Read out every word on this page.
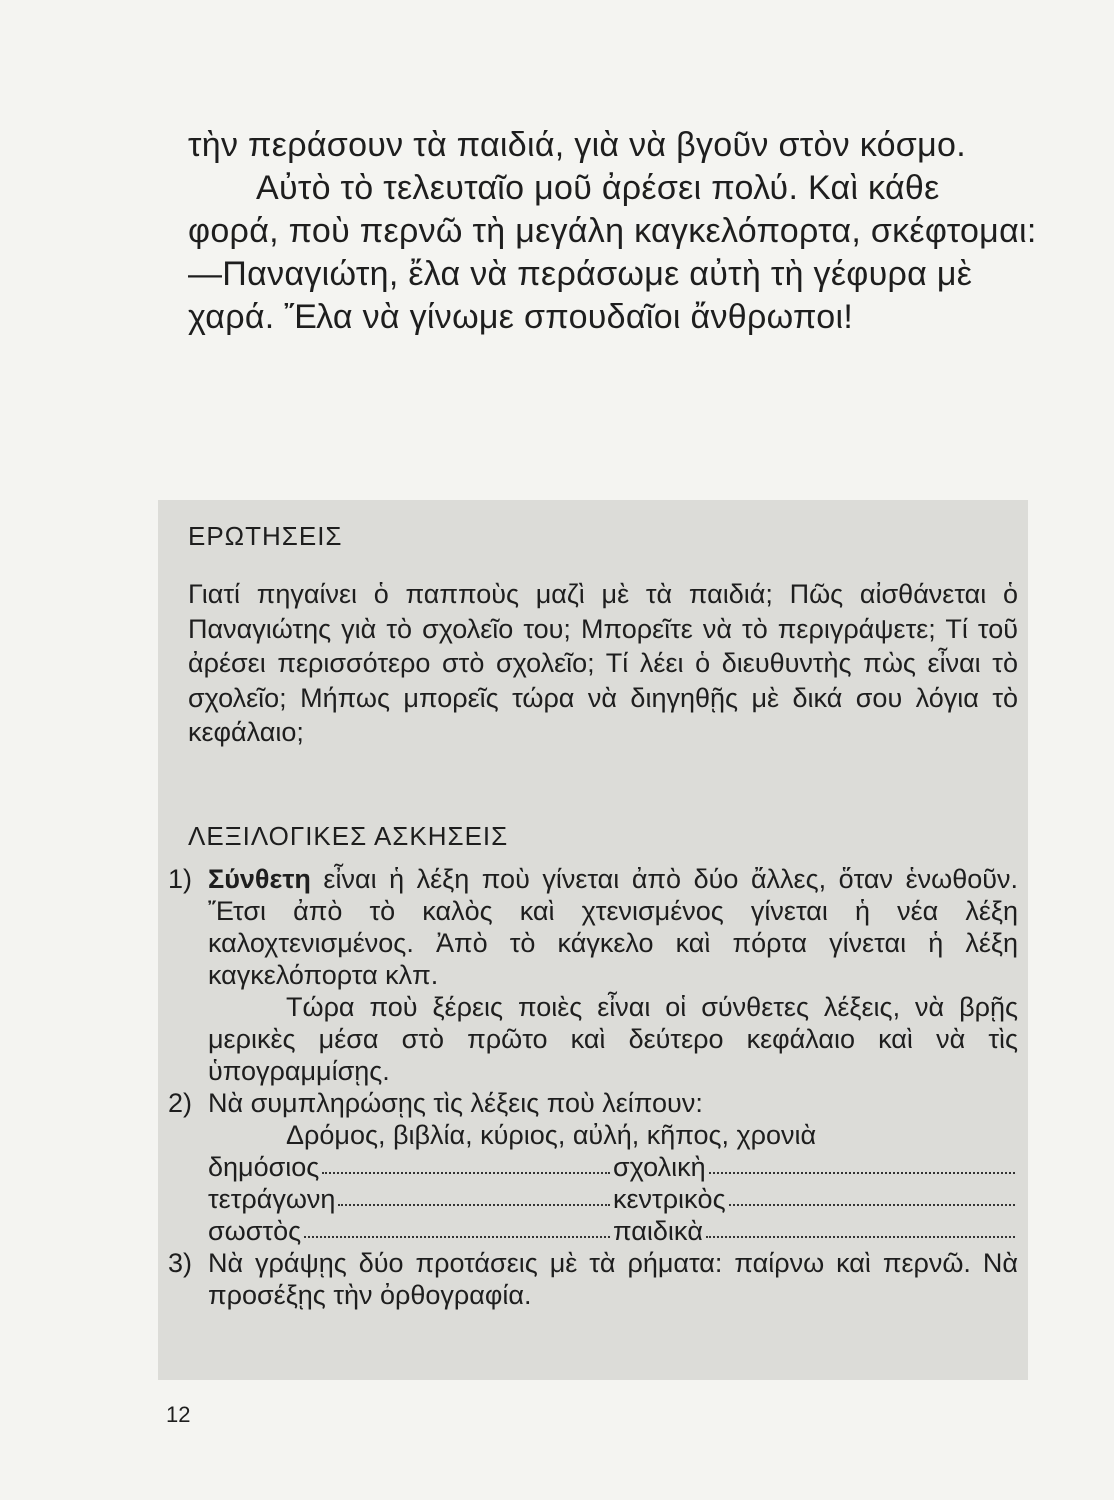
τὴν περάσουν τὰ παιδιά, γιὰ νὰ βγοῦν στὸν κόσμο.

Αὐτὸ τὸ τελευταῖο μοῦ ἀρέσει πολύ. Καὶ κάθε φορά, ποὺ περνῶ τὴ μεγάλη καγκελόπορτα, σκέφτομαι:

—Παναγιώτη, ἔλα νὰ περάσωμε αὐτὴ τὴ γέφυρα μὲ χαρά. Ἔλα νὰ γίνωμε σπουδαῖοι ἄνθρωποι!

ΕΡΩΤΗΣΕΙΣ
Γιατί πηγαίνει ὁ παπποὺς μαζὶ μὲ τὰ παιδιά; Πῶς αἰσθάνεται ὁ Παναγιώτης γιὰ τὸ σχολεῖο του; Μπορεῖτε νὰ τὸ περιγράψετε; Τί τοῦ ἀρέσει περισσότερο στὸ σχολεῖο; Τί λέει ὁ διευθυντὴς πὼς εἶναι τὸ σχολεῖο; Μήπως μπορεῖς τώρα νὰ διηγηθῇς μὲ δικά σου λόγια τὸ κεφάλαιο;
ΛΕΞΙΛΟΓΙΚΕΣ ΑΣΚΗΣΕΙΣ
1) Σύνθετη εἶναι ἡ λέξη ποὺ γίνεται ἀπὸ δύο ἄλλες, ὅταν ἑνωθοῦν. Ἔτσι ἀπὸ τὸ καλὸς καὶ χτενισμένος γίνεται ἡ νέα λέξη καλοχτενισμένος. Ἀπὸ τὸ κάγκελο καὶ πόρτα γίνεται ἡ λέξη καγκελόπορτα κλπ.

Τώρα ποὺ ξέρεις ποιὲς εἶναι οἱ σύνθετες λέξεις, νὰ βρῇς μερικὲς μέσα στὸ πρῶτο καὶ δεύτερο κεφάλαιο καὶ νὰ τὶς ὑπογραμμίσῃς.

2) Νὰ συμπληρώσῃς τὶς λέξεις ποὺ λείπουν:

Δρόμος, βιβλία, κύριος, αὐλή, κῆπος, χρονιὰ

δημόσιος	σχολικὴ
τετράγωνη	κεντρικὸς
σωστὸς	παιδικὰ
3) Νὰ γράψῃς δύο προτάσεις μὲ τὰ ρήματα: παίρνω καὶ περνῶ. Νὰ προσέξῃς τὴν ὀρθογραφία.

12
